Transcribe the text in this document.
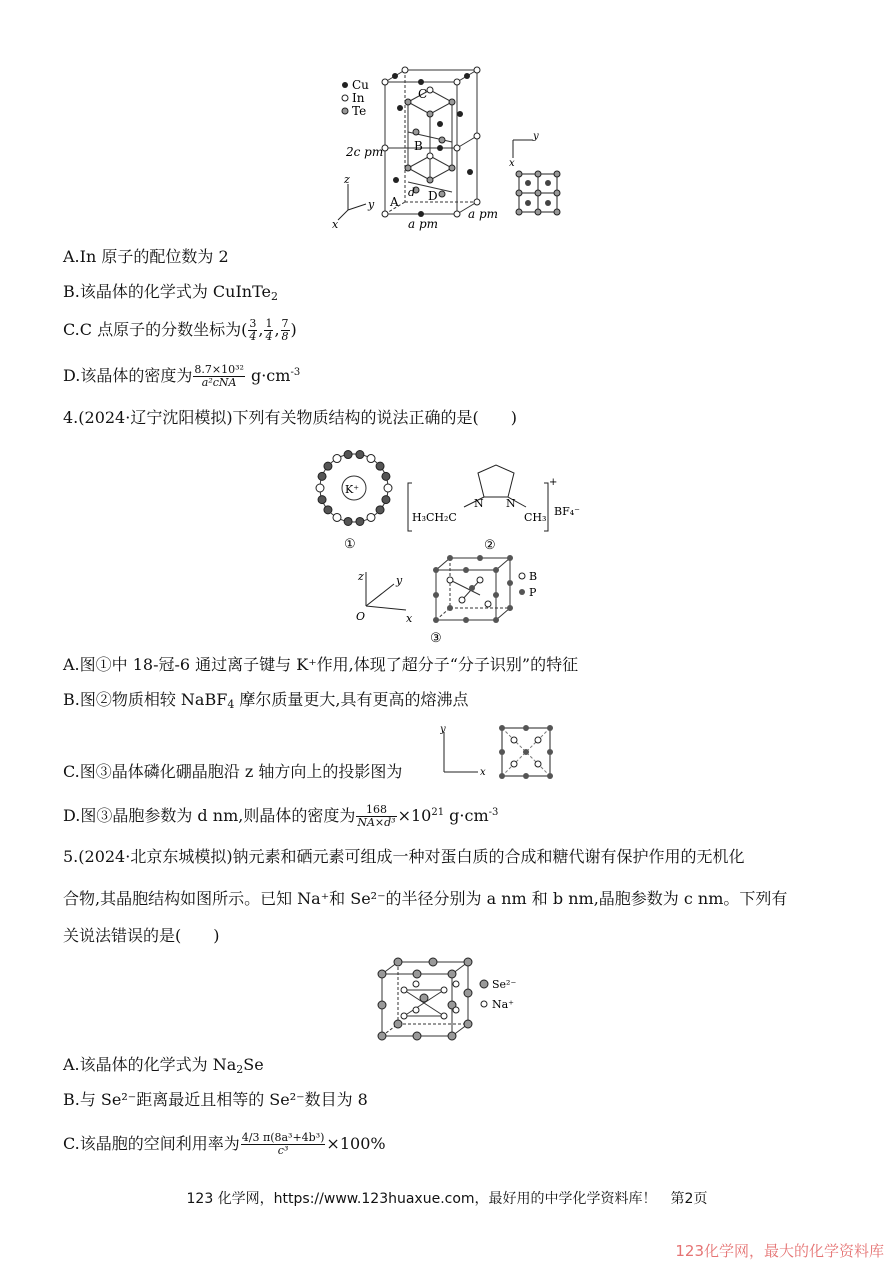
Cu
In
Te
C
B
A D
d
2c pm
a pm
a pm
z
y
x
y
x
A.In 原子的配位数为 2
B.该晶体的化学式为 CuInTe$_2$
C.C 点原子的分数坐标为( $\frac{3}{4}$ , $\frac{1}{4}$ , $\frac{7}{8}$ )
D.该晶体的密度为 $\frac{\text{8.7×10³²}}{\text{a²cNA}} g\cdot cm^{-3}$
4.(2024·辽宁沈阳模拟)下列有关物质结构的说法正确的是(　　)
K⁺
①
H₃CH₂C
N N
CH₃
+
BF₄⁻
②
z	y
x
O
B
P
③
A.图①中 18-冠-6 通过离子键与 K⁺作用,体现了超分子“分子识别”的特征
B.图②物质相较 NaBF$_4$ 摩尔质量更大,具有更高的熔沸点
C.图③晶体磷化硼晶胞沿 z 轴方向上的投影图为
y
x
D.图③晶胞参数为 d nm,则晶体的密度为 $\frac{168}{\text{NA×d³}} \times 10^{21}$ $g\cdot cm^{-3}$
5.(2024·北京东城模拟)钠元素和硒元素可组成一种对蛋白质的合成和糖代谢有保护作用的无机化
合物,其晶胞结构如图所示。已知 Na⁺和 Se²⁻的半径分别为 a nm 和 b nm,晶胞参数为 c nm。下列有
关说法错误的是(　　)
Se²⁻
Na⁺
A.该晶体的化学式为 $Na_2Se$
B.与 Se²⁻距离最近且相等的 Se²⁻数目为 8
C.该晶胞的空间利用率为 $\frac{\text{4/3 π(8a³+4b³)}}{\text{c³}} \times 100\%$
123 化学网，https://www.123huaxue.com，最好用的中学化学资料库！　第2页
123化学网，最大的化学资料库
